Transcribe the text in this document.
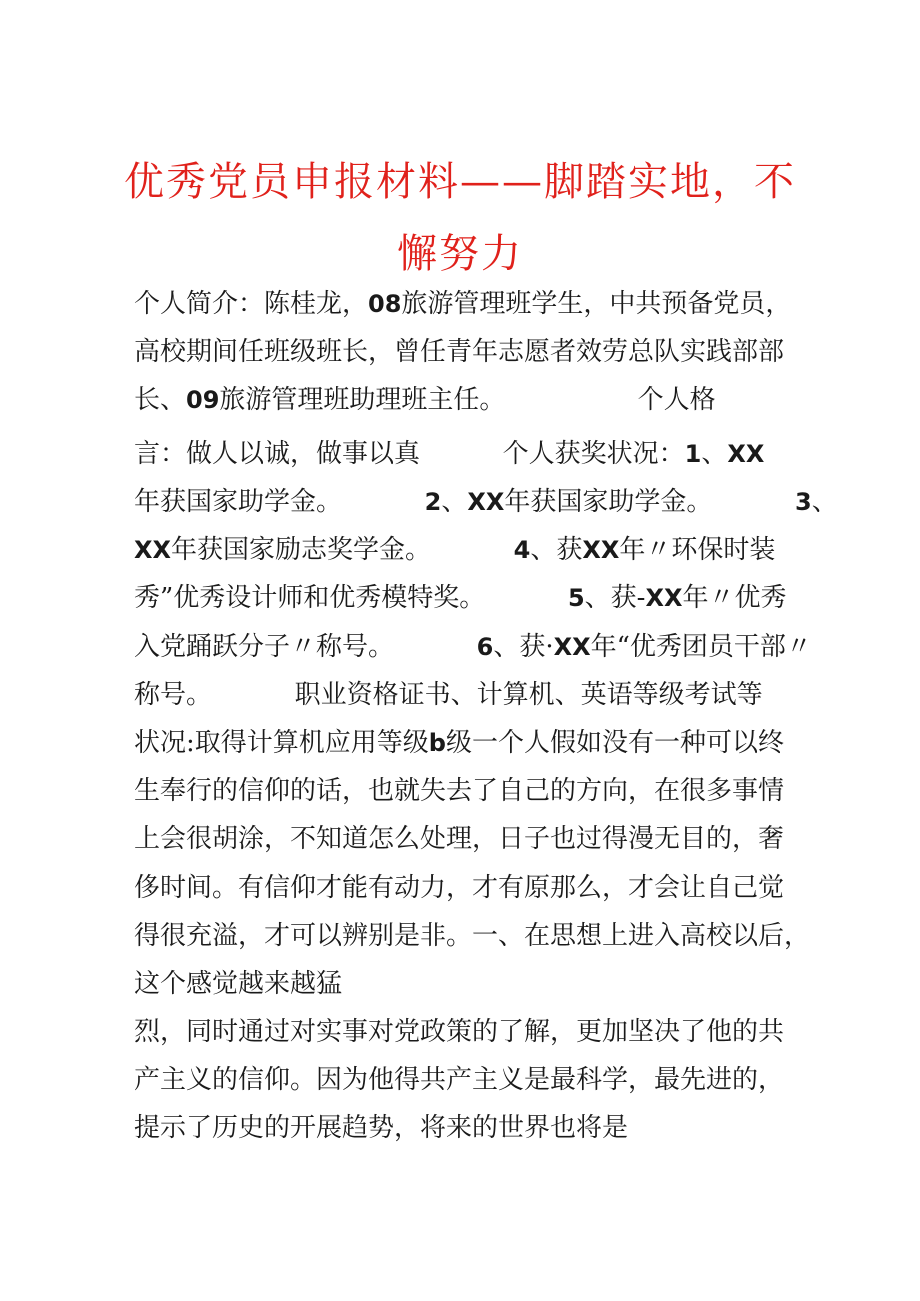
优秀党员申报材料——脚踏实地，不
懈努力

个人简介：陈桂龙，08旅游管理班学生，中共预备党员，

高校期间任班级班长，曾任青年志愿者效劳总队实践部部

长、09旅游管理班助理班主任。                个人格

言：做人以诚，做事以真          个人获奖状况：1、XX

年获国家助学金。          2、XX年获国家助学金。          3、

XX年获国家励志奖学金。          4、获XX年〃环保时装

秀”优秀设计师和优秀模特奖。          5、获-XX年〃优秀

入党踊跃分子〃称号。          6、获·XX年“优秀团员干部〃

称号。          职业资格证书、计算机、英语等级考试等

状况:取得计算机应用等级b级一个人假如没有一种可以终

生奉行的信仰的话，也就失去了自己的方向，在很多事情

上会很胡涂，不知道怎么处理，日子也过得漫无目的，奢

侈时间。有信仰才能有动力，才有原那么，才会让自己觉

得很充溢，才可以辨别是非。一、在思想上进入高校以后，

这个感觉越来越猛

烈，同时通过对实事对党政策的了解，更加坚决了他的共

产主义的信仰。因为他得共产主义是最科学，最先进的，

提示了历史的开展趋势，将来的世界也将是
